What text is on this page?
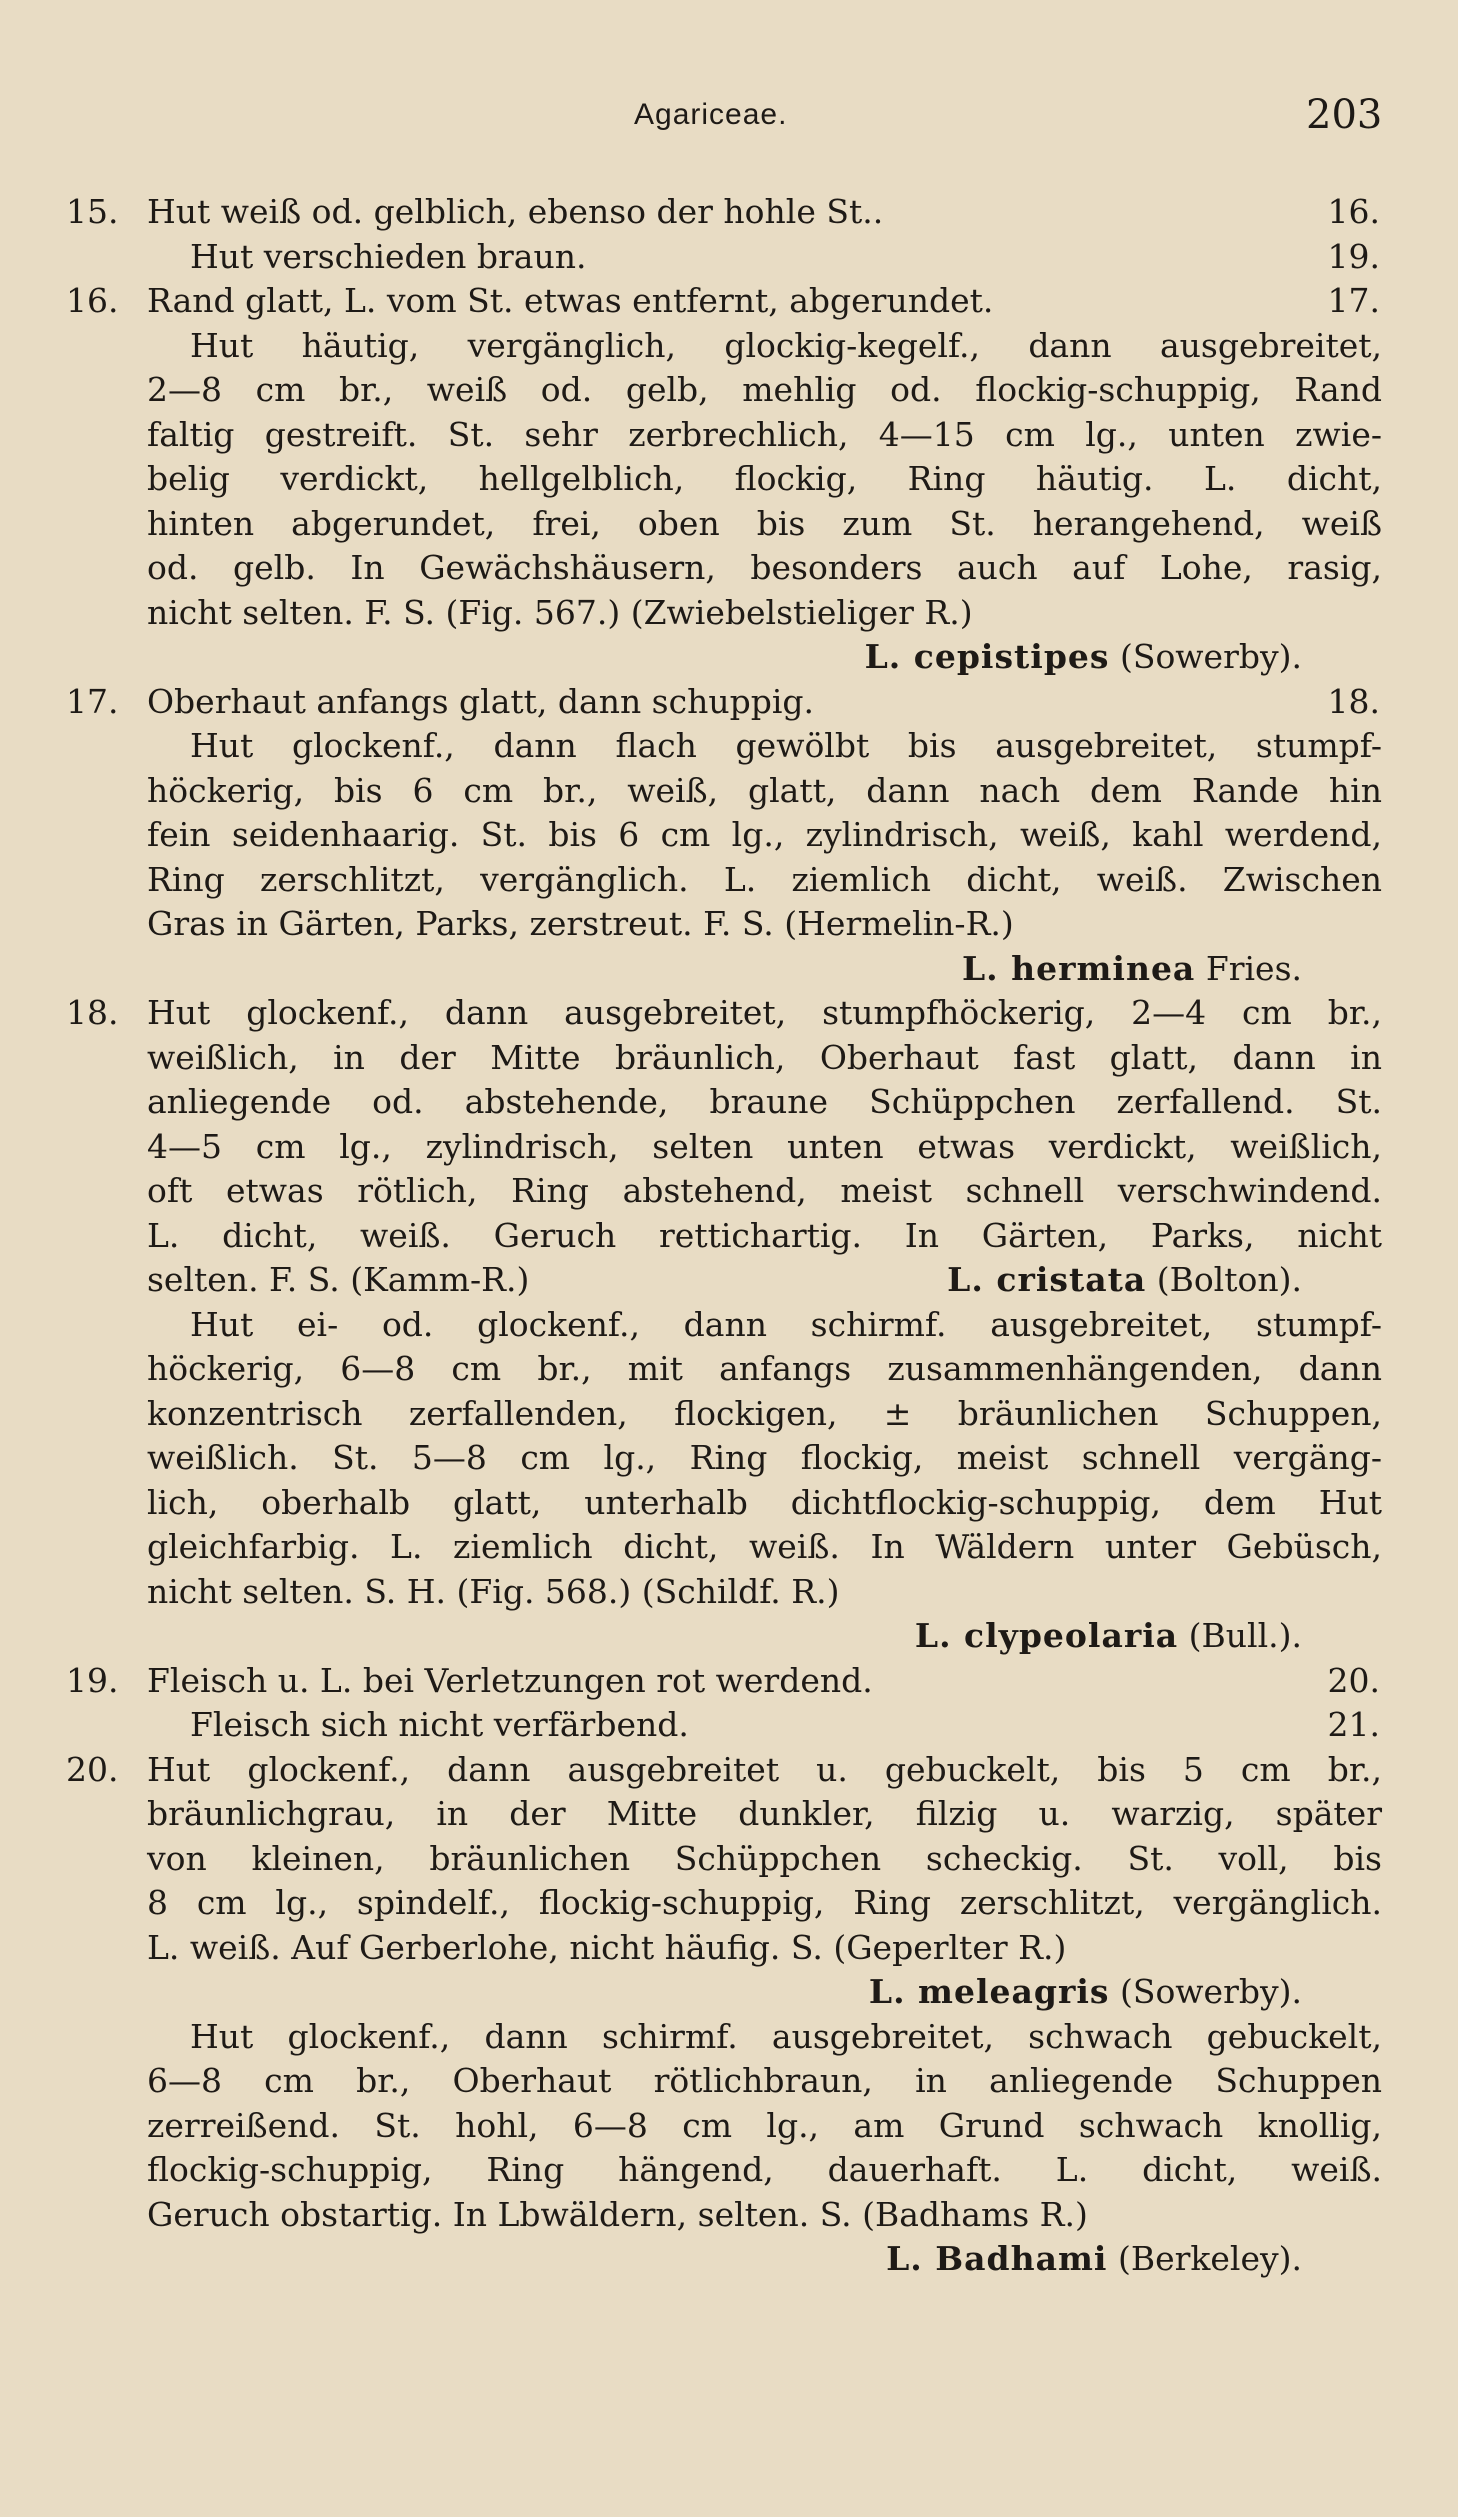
Agariceae.	203
15. Hut weiß od. gelblich, ebenso der hohle St..	16.
Hut verschieden braun.	19.
16. Rand glatt, L. vom St. etwas entfernt, abgerundet.	17.
Hut häutig, vergänglich, glockig-kegelf., dann ausgebreitet,
2—8 cm br., weiß od. gelb, mehlig od. flockig-schuppig, Rand
faltig gestreift. St. sehr zerbrechlich, 4—15 cm lg., unten zwie-
belig verdickt, hellgelblich, flockig, Ring häutig. L. dicht,
hinten abgerundet, frei, oben bis zum St. herangehend, weiß
od. gelb. In Gewächshäusern, besonders auch auf Lohe, rasig,
nicht selten. F. S. (Fig. 567.) (Zwiebelstieliger R.)
L. cepistipes (Sowerby).
17. Oberhaut anfangs glatt, dann schuppig.	18.
Hut glockenf., dann flach gewölbt bis ausgebreitet, stumpf-
höckerig, bis 6 cm br., weiß, glatt, dann nach dem Rande hin
fein seidenhaarig. St. bis 6 cm lg., zylindrisch, weiß, kahl werdend,
Ring zerschlitzt, vergänglich. L. ziemlich dicht, weiß. Zwischen
Gras in Gärten, Parks, zerstreut. F. S. (Hermelin-R.)
L. herminea Fries.
18. Hut glockenf., dann ausgebreitet, stumpfhöckerig, 2—4 cm br.,
weißlich, in der Mitte bräunlich, Oberhaut fast glatt, dann in
anliegende od. abstehende, braune Schüppchen zerfallend. St.
4—5 cm lg., zylindrisch, selten unten etwas verdickt, weißlich,
oft etwas rötlich, Ring abstehend, meist schnell verschwindend.
L. dicht, weiß. Geruch rettichartig. In Gärten, Parks, nicht
selten. F. S. (Kamm-R.)	L. cristata (Bolton).
Hut ei- od. glockenf., dann schirmf. ausgebreitet, stumpf-
höckerig, 6—8 cm br., mit anfangs zusammenhängenden, dann
konzentrisch zerfallenden, flockigen, ± bräunlichen Schuppen,
weißlich. St. 5—8 cm lg., Ring flockig, meist schnell vergäng-
lich, oberhalb glatt, unterhalb dichtflockig-schuppig, dem Hut
gleichfarbig. L. ziemlich dicht, weiß. In Wäldern unter Gebüsch,
nicht selten. S. H. (Fig. 568.) (Schildf. R.)
L. clypeolaria (Bull.).
19. Fleisch u. L. bei Verletzungen rot werdend.	20.
Fleisch sich nicht verfärbend.	21.
20. Hut glockenf., dann ausgebreitet u. gebuckelt, bis 5 cm br.,
bräunlichgrau, in der Mitte dunkler, filzig u. warzig, später
von kleinen, bräunlichen Schüppchen scheckig. St. voll, bis
8 cm lg., spindelf., flockig-schuppig, Ring zerschlitzt, vergänglich.
L. weiß. Auf Gerberlohe, nicht häufig. S. (Geperlter R.)
L. meleagris (Sowerby).
Hut glockenf., dann schirmf. ausgebreitet, schwach gebuckelt,
6—8 cm br., Oberhaut rötlichbraun, in anliegende Schuppen
zerreißend. St. hohl, 6—8 cm lg., am Grund schwach knollig,
flockig-schuppig, Ring hängend, dauerhaft. L. dicht, weiß.
Geruch obstartig. In Lbwäldern, selten. S. (Badhams R.)
L. Badhami (Berkeley).
